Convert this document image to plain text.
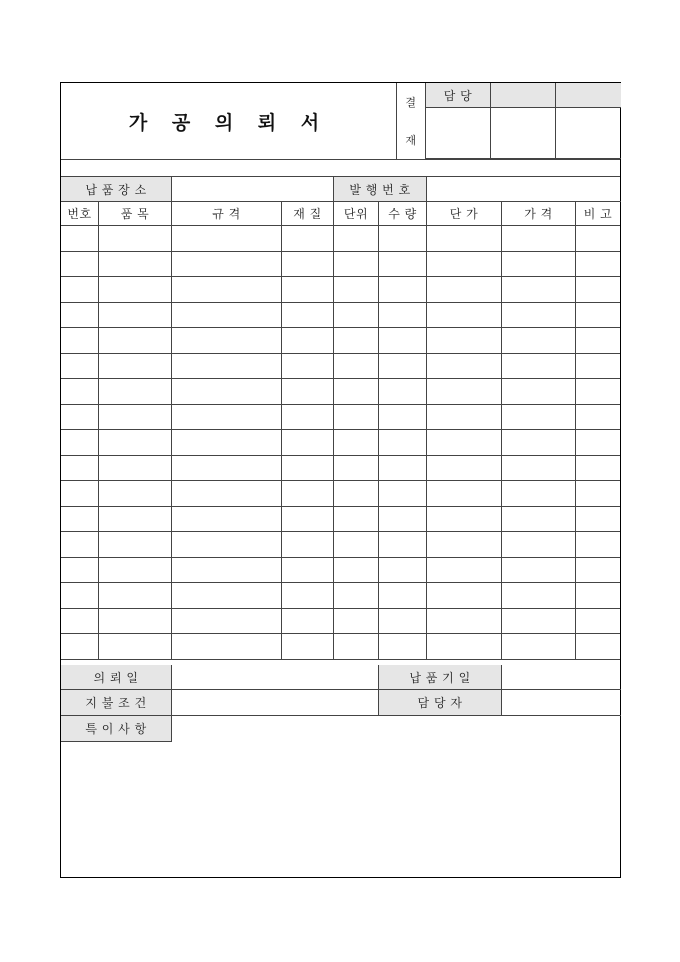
가 공 의 뢰 서
결
재
담 당
납 품 장 소	발 행 번 호
번호	품 목	규 격	재 질	단위	수 량	단 가	가 격	비 고
의 뢰 일	납 품 기 일
지 불 조 건	담 당 자
특 이 사 항
